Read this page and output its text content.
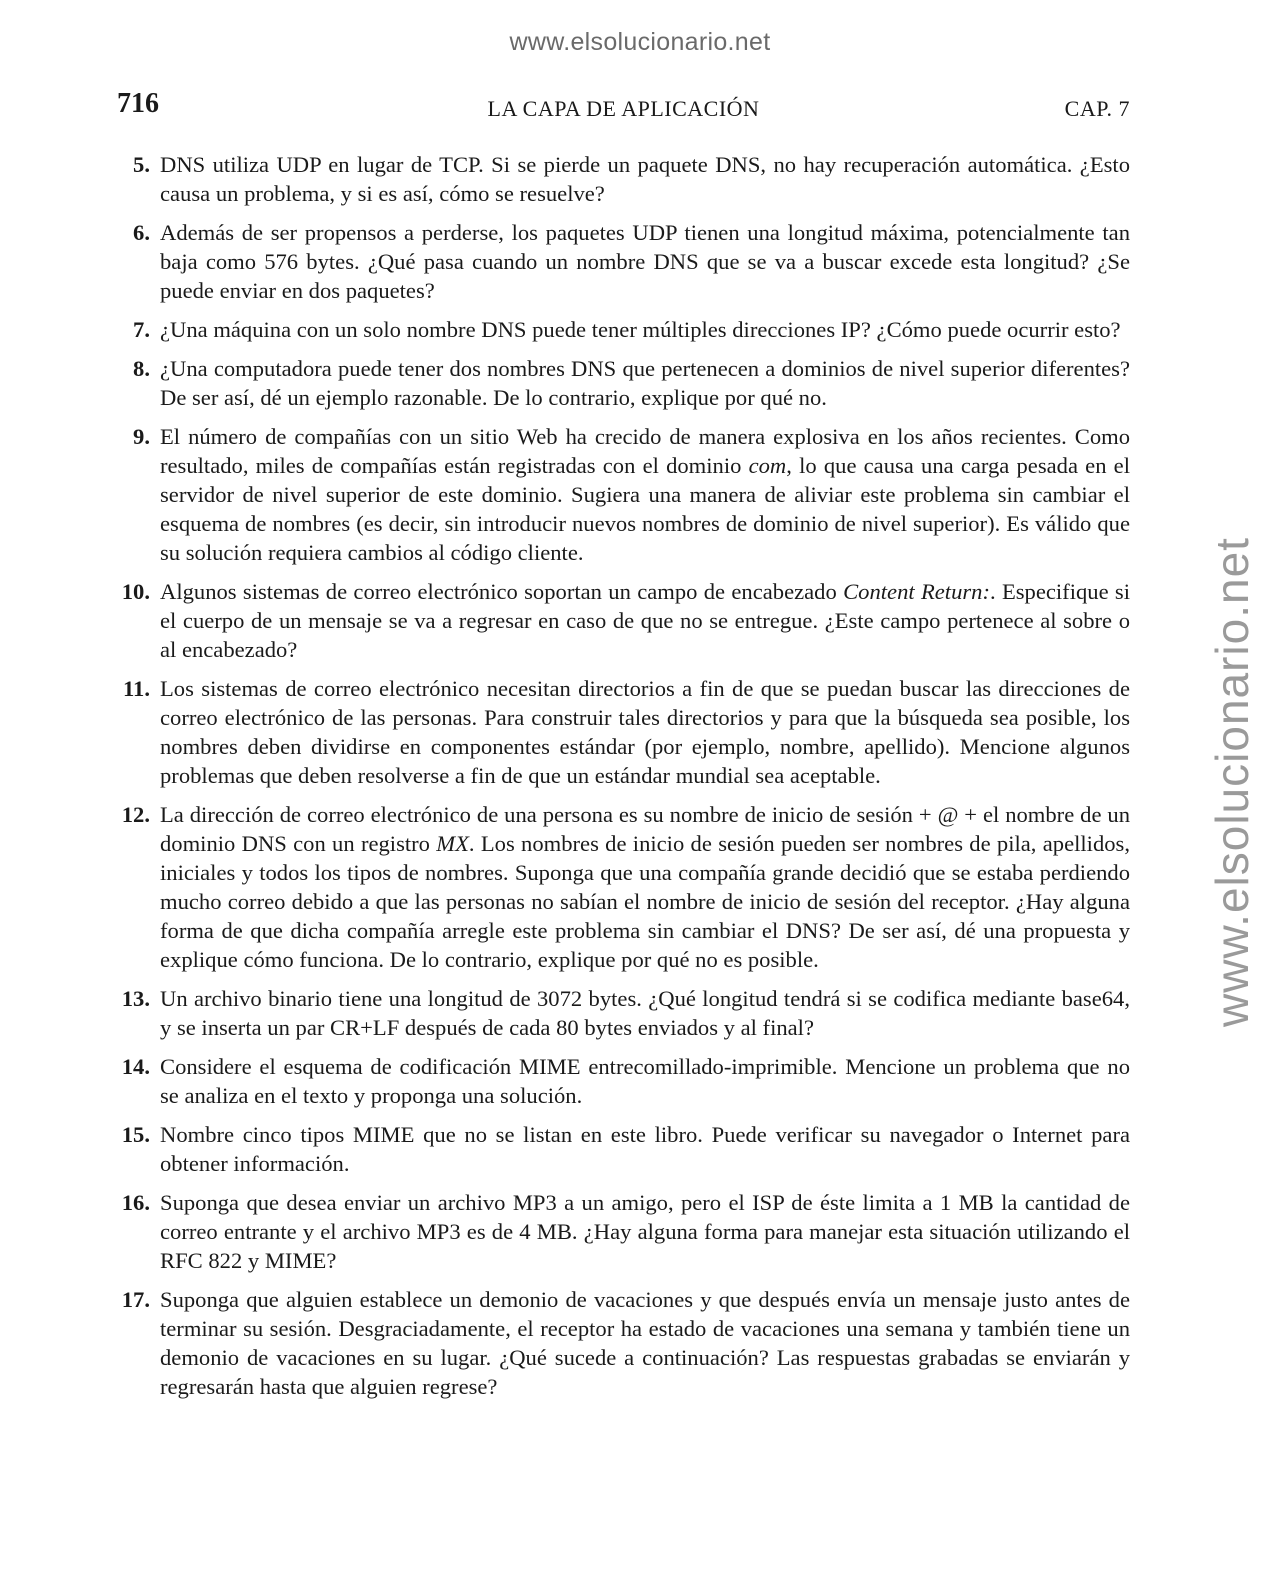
www.elsolucionario.net
www.elsolucionario.net
716	LA CAPA DE APLICACIÓN	CAP. 7
5. DNS utiliza UDP en lugar de TCP. Si se pierde un paquete DNS, no hay recuperación automática. ¿Esto causa un problema, y si es así, cómo se resuelve?
6. Además de ser propensos a perderse, los paquetes UDP tienen una longitud máxima, potencialmente tan baja como 576 bytes. ¿Qué pasa cuando un nombre DNS que se va a buscar excede esta longitud? ¿Se puede enviar en dos paquetes?
7. ¿Una máquina con un solo nombre DNS puede tener múltiples direcciones IP? ¿Cómo puede ocurrir esto?
8. ¿Una computadora puede tener dos nombres DNS que pertenecen a dominios de nivel superior diferentes? De ser así, dé un ejemplo razonable. De lo contrario, explique por qué no.
9. El número de compañías con un sitio Web ha crecido de manera explosiva en los años recientes. Como resultado, miles de compañías están registradas con el dominio com, lo que causa una carga pesada en el servidor de nivel superior de este dominio. Sugiera una manera de aliviar este problema sin cambiar el esquema de nombres (es decir, sin introducir nuevos nombres de dominio de nivel superior). Es válido que su solución requiera cambios al código cliente.
10. Algunos sistemas de correo electrónico soportan un campo de encabezado Content Return:. Especifique si el cuerpo de un mensaje se va a regresar en caso de que no se entregue. ¿Este campo pertenece al sobre o al encabezado?
11. Los sistemas de correo electrónico necesitan directorios a fin de que se puedan buscar las direcciones de correo electrónico de las personas. Para construir tales directorios y para que la búsqueda sea posible, los nombres deben dividirse en componentes estándar (por ejemplo, nombre, apellido). Mencione algunos problemas que deben resolverse a fin de que un estándar mundial sea aceptable.
12. La dirección de correo electrónico de una persona es su nombre de inicio de sesión + @ + el nombre de un dominio DNS con un registro MX. Los nombres de inicio de sesión pueden ser nombres de pila, apellidos, iniciales y todos los tipos de nombres. Suponga que una compañía grande decidió que se estaba perdiendo mucho correo debido a que las personas no sabían el nombre de inicio de sesión del receptor. ¿Hay alguna forma de que dicha compañía arregle este problema sin cambiar el DNS? De ser así, dé una propuesta y explique cómo funciona. De lo contrario, explique por qué no es posible.
13. Un archivo binario tiene una longitud de 3072 bytes. ¿Qué longitud tendrá si se codifica mediante base64, y se inserta un par CR+LF después de cada 80 bytes enviados y al final?
14. Considere el esquema de codificación MIME entrecomillado-imprimible. Mencione un problema que no se analiza en el texto y proponga una solución.
15. Nombre cinco tipos MIME que no se listan en este libro. Puede verificar su navegador o Internet para obtener información.
16. Suponga que desea enviar un archivo MP3 a un amigo, pero el ISP de éste limita a 1 MB la cantidad de correo entrante y el archivo MP3 es de 4 MB. ¿Hay alguna forma para manejar esta situación utilizando el RFC 822 y MIME?
17. Suponga que alguien establece un demonio de vacaciones y que después envía un mensaje justo antes de terminar su sesión. Desgraciadamente, el receptor ha estado de vacaciones una semana y también tiene un demonio de vacaciones en su lugar. ¿Qué sucede a continuación? Las respuestas grabadas se enviarán y regresarán hasta que alguien regrese?
